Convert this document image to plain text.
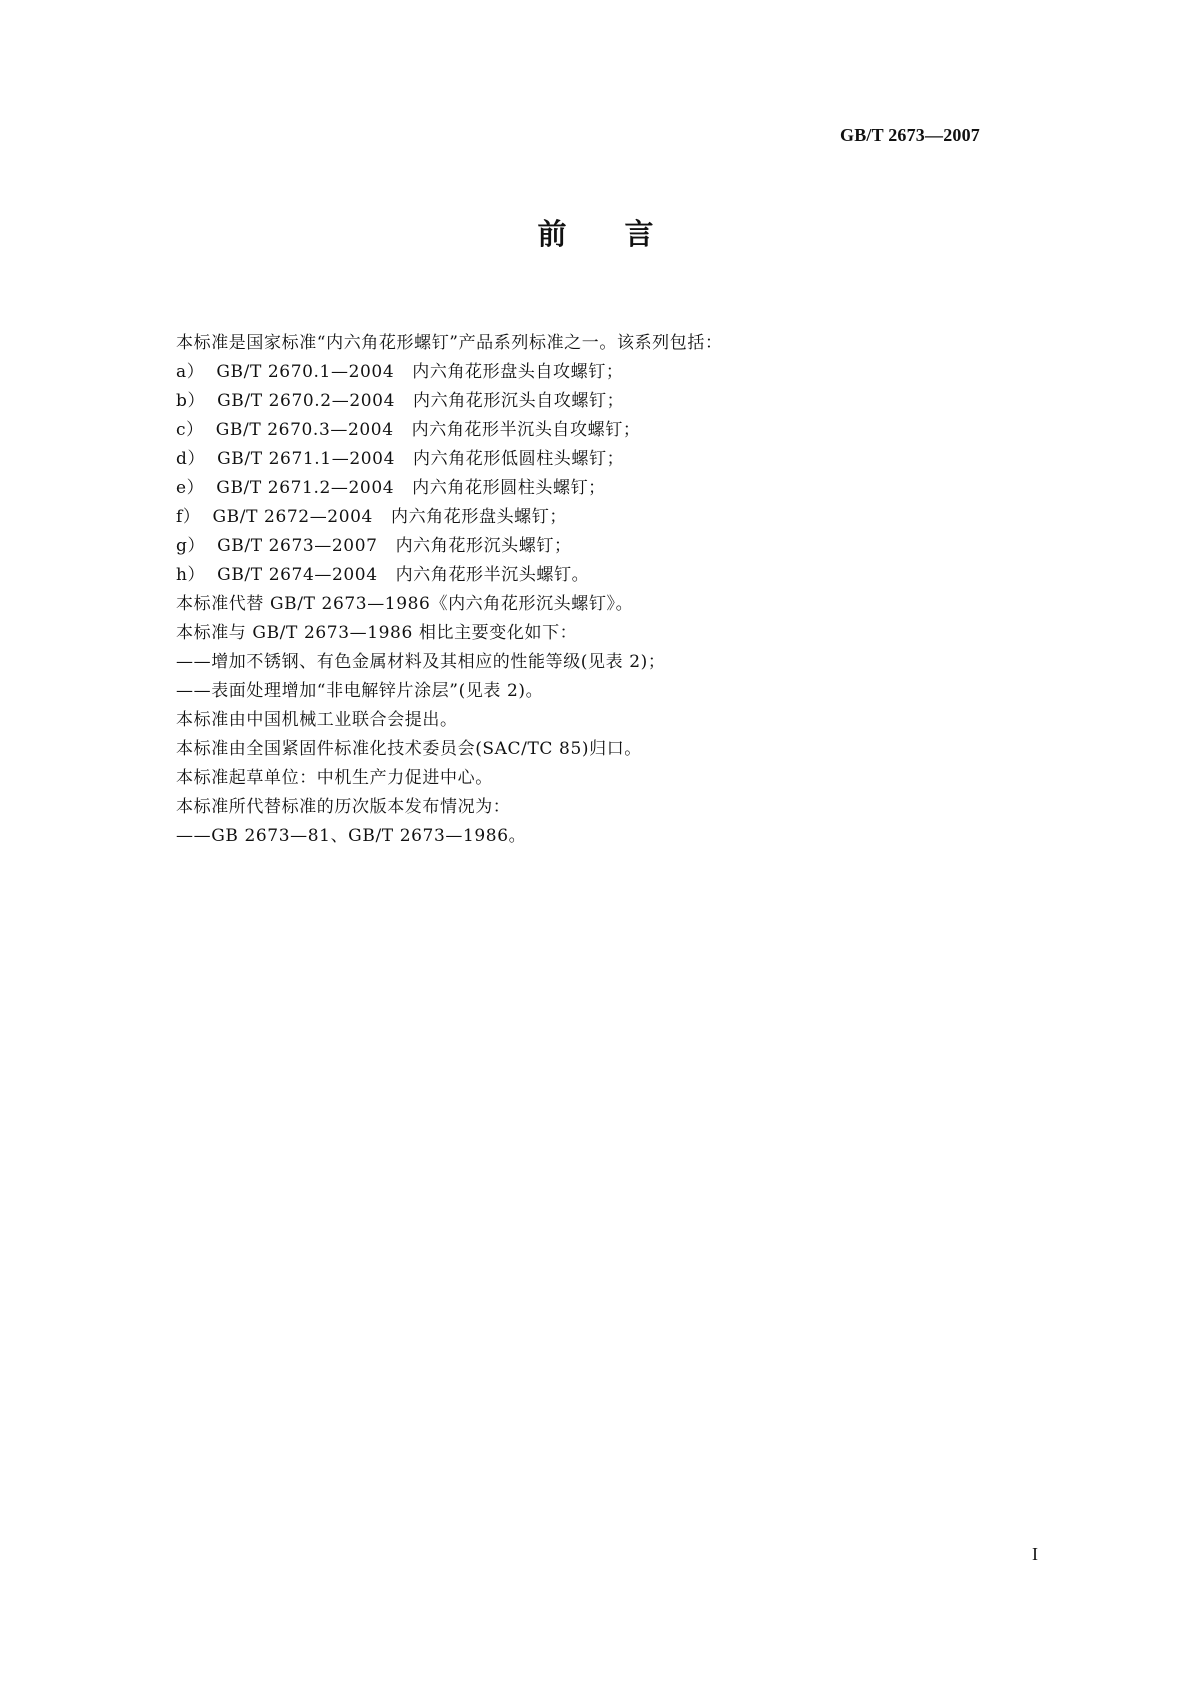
GB/T 2673—2007
前言
本标准是国家标准“内六角花形螺钉”产品系列标准之一。该系列包括：
a）  GB/T 2670.1—2004   内六角花形盘头自攻螺钉；
b）  GB/T 2670.2—2004   内六角花形沉头自攻螺钉；
c）  GB/T 2670.3—2004   内六角花形半沉头自攻螺钉；
d）  GB/T 2671.1—2004   内六角花形低圆柱头螺钉；
e）  GB/T 2671.2—2004   内六角花形圆柱头螺钉；
f）  GB/T 2672—2004   内六角花形盘头螺钉；
g）  GB/T 2673—2007   内六角花形沉头螺钉；
h）  GB/T 2674—2004   内六角花形半沉头螺钉。
本标准代替 GB/T 2673—1986《内六角花形沉头螺钉》。
本标准与 GB/T 2673—1986 相比主要变化如下：
——增加不锈钢、有色金属材料及其相应的性能等级(见表 2)；
——表面处理增加“非电解锌片涂层”(见表 2)。
本标准由中国机械工业联合会提出。
本标准由全国紧固件标准化技术委员会(SAC/TC 85)归口。
本标准起草单位：中机生产力促进中心。
本标准所代替标准的历次版本发布情况为：
——GB 2673—81、GB/T 2673—1986。
I
